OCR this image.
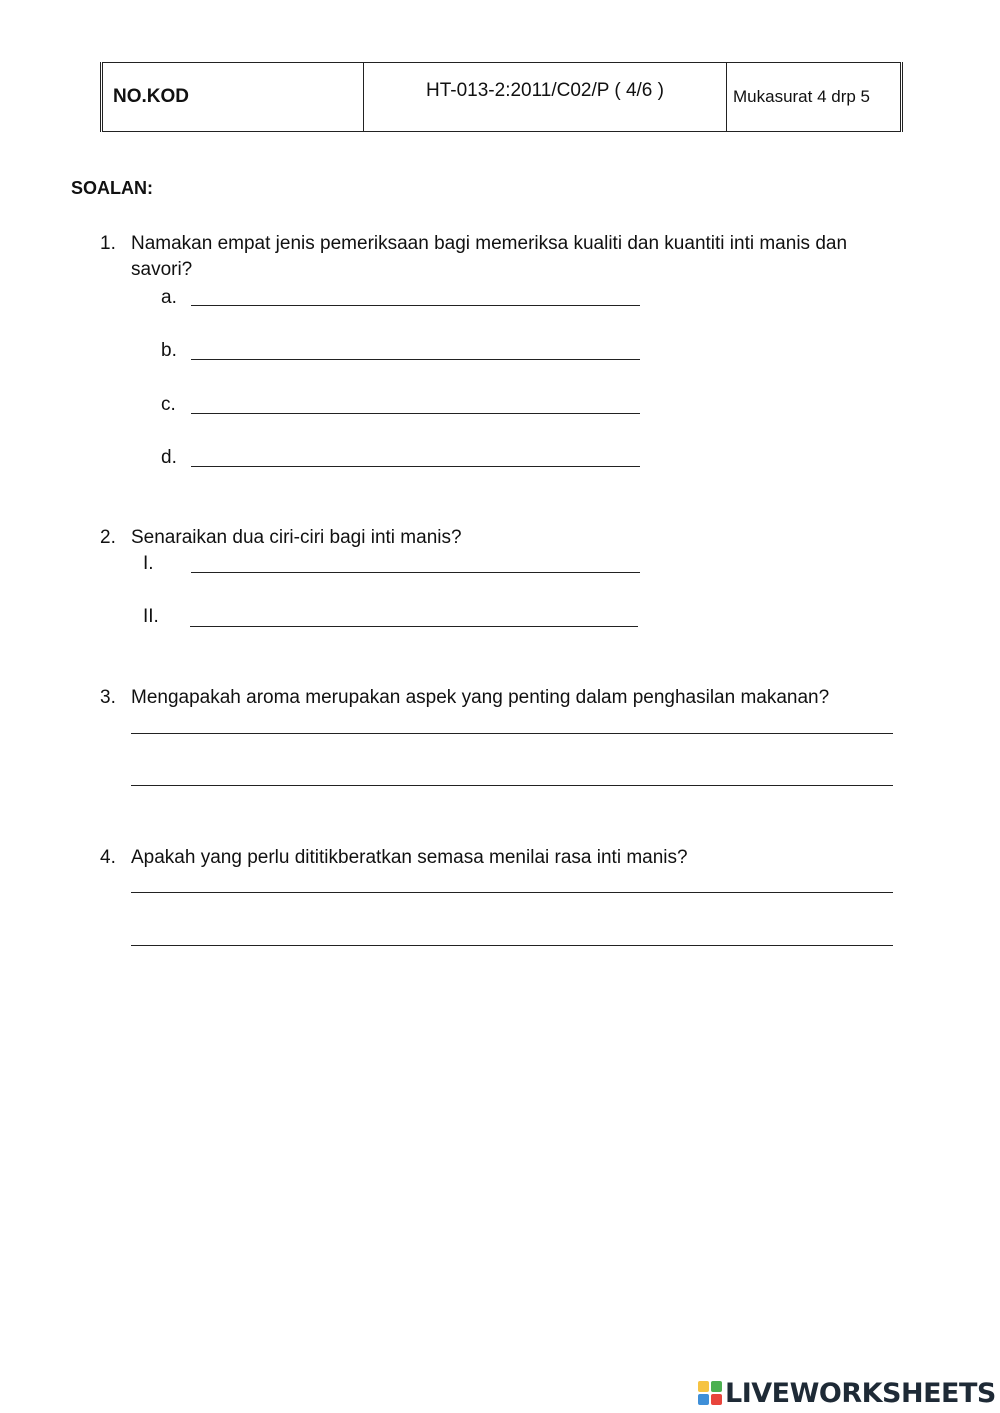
NO.KOD	HT-013-2:2011/C02/P ( 4/6 )	Mukasurat 4 drp 5
SOALAN:
1. Namakan empat jenis pemeriksaan bagi memeriksa kualiti dan kuantiti inti manis dan savori?
a.
b.
c.
d.
2. Senaraikan dua ciri-ciri bagi inti manis?
I.
II.
3. Mengapakah aroma merupakan aspek yang penting dalam penghasilan makanan?
4. Apakah yang perlu dititikberatkan semasa menilai rasa inti manis?
LIVEWORKSHEETS
